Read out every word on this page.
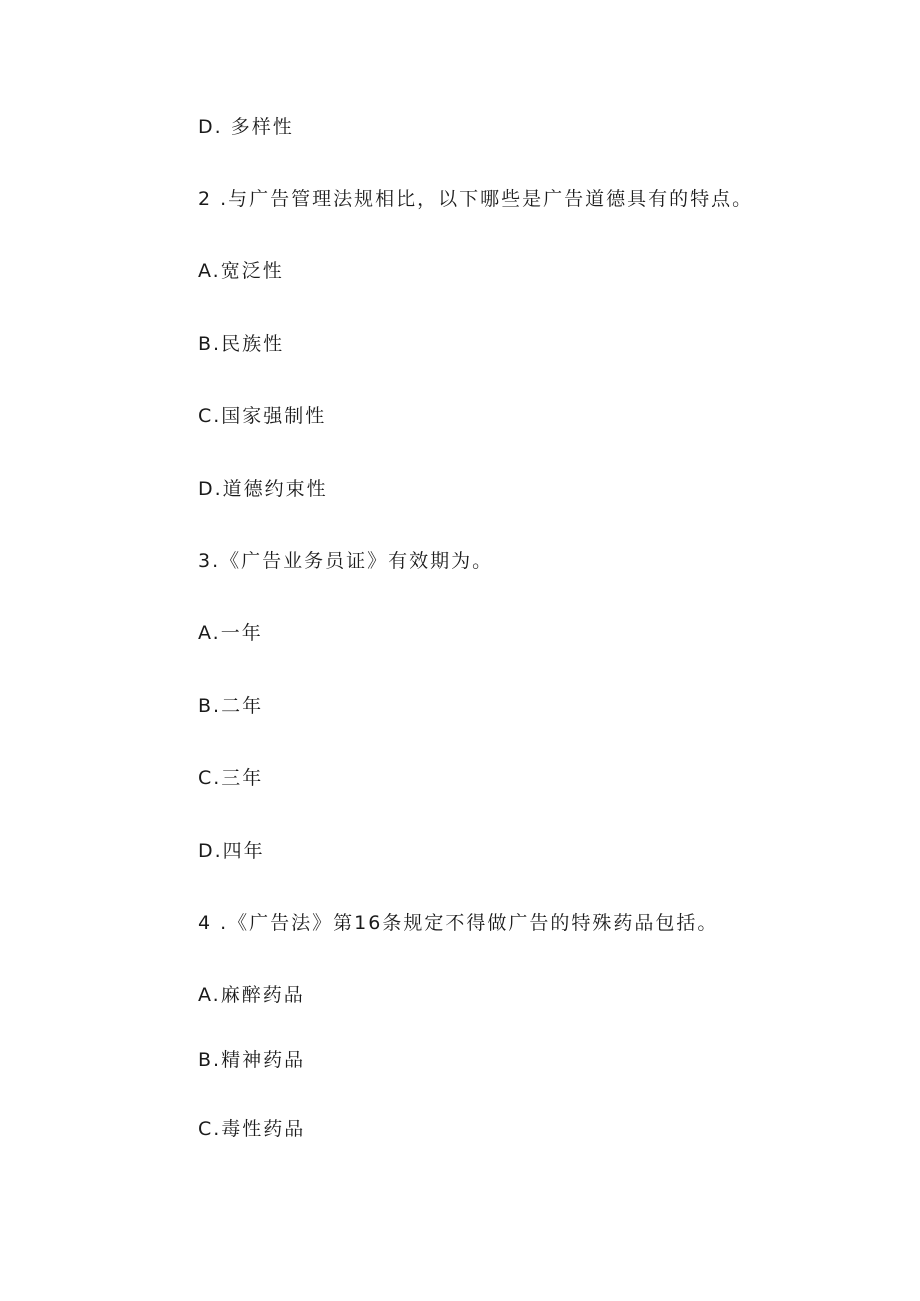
D. 多样性
2 .与广告管理法规相比，以下哪些是广告道德具有的特点。
A.宽泛性
B.民族性
C.国家强制性
D.道德约束性
3.《广告业务员证》有效期为。
A.一年
B.二年
C.三年
D.四年
4 .《广告法》第16条规定不得做广告的特殊药品包括。
A.麻醉药品
B.精神药品
C.毒性药品
